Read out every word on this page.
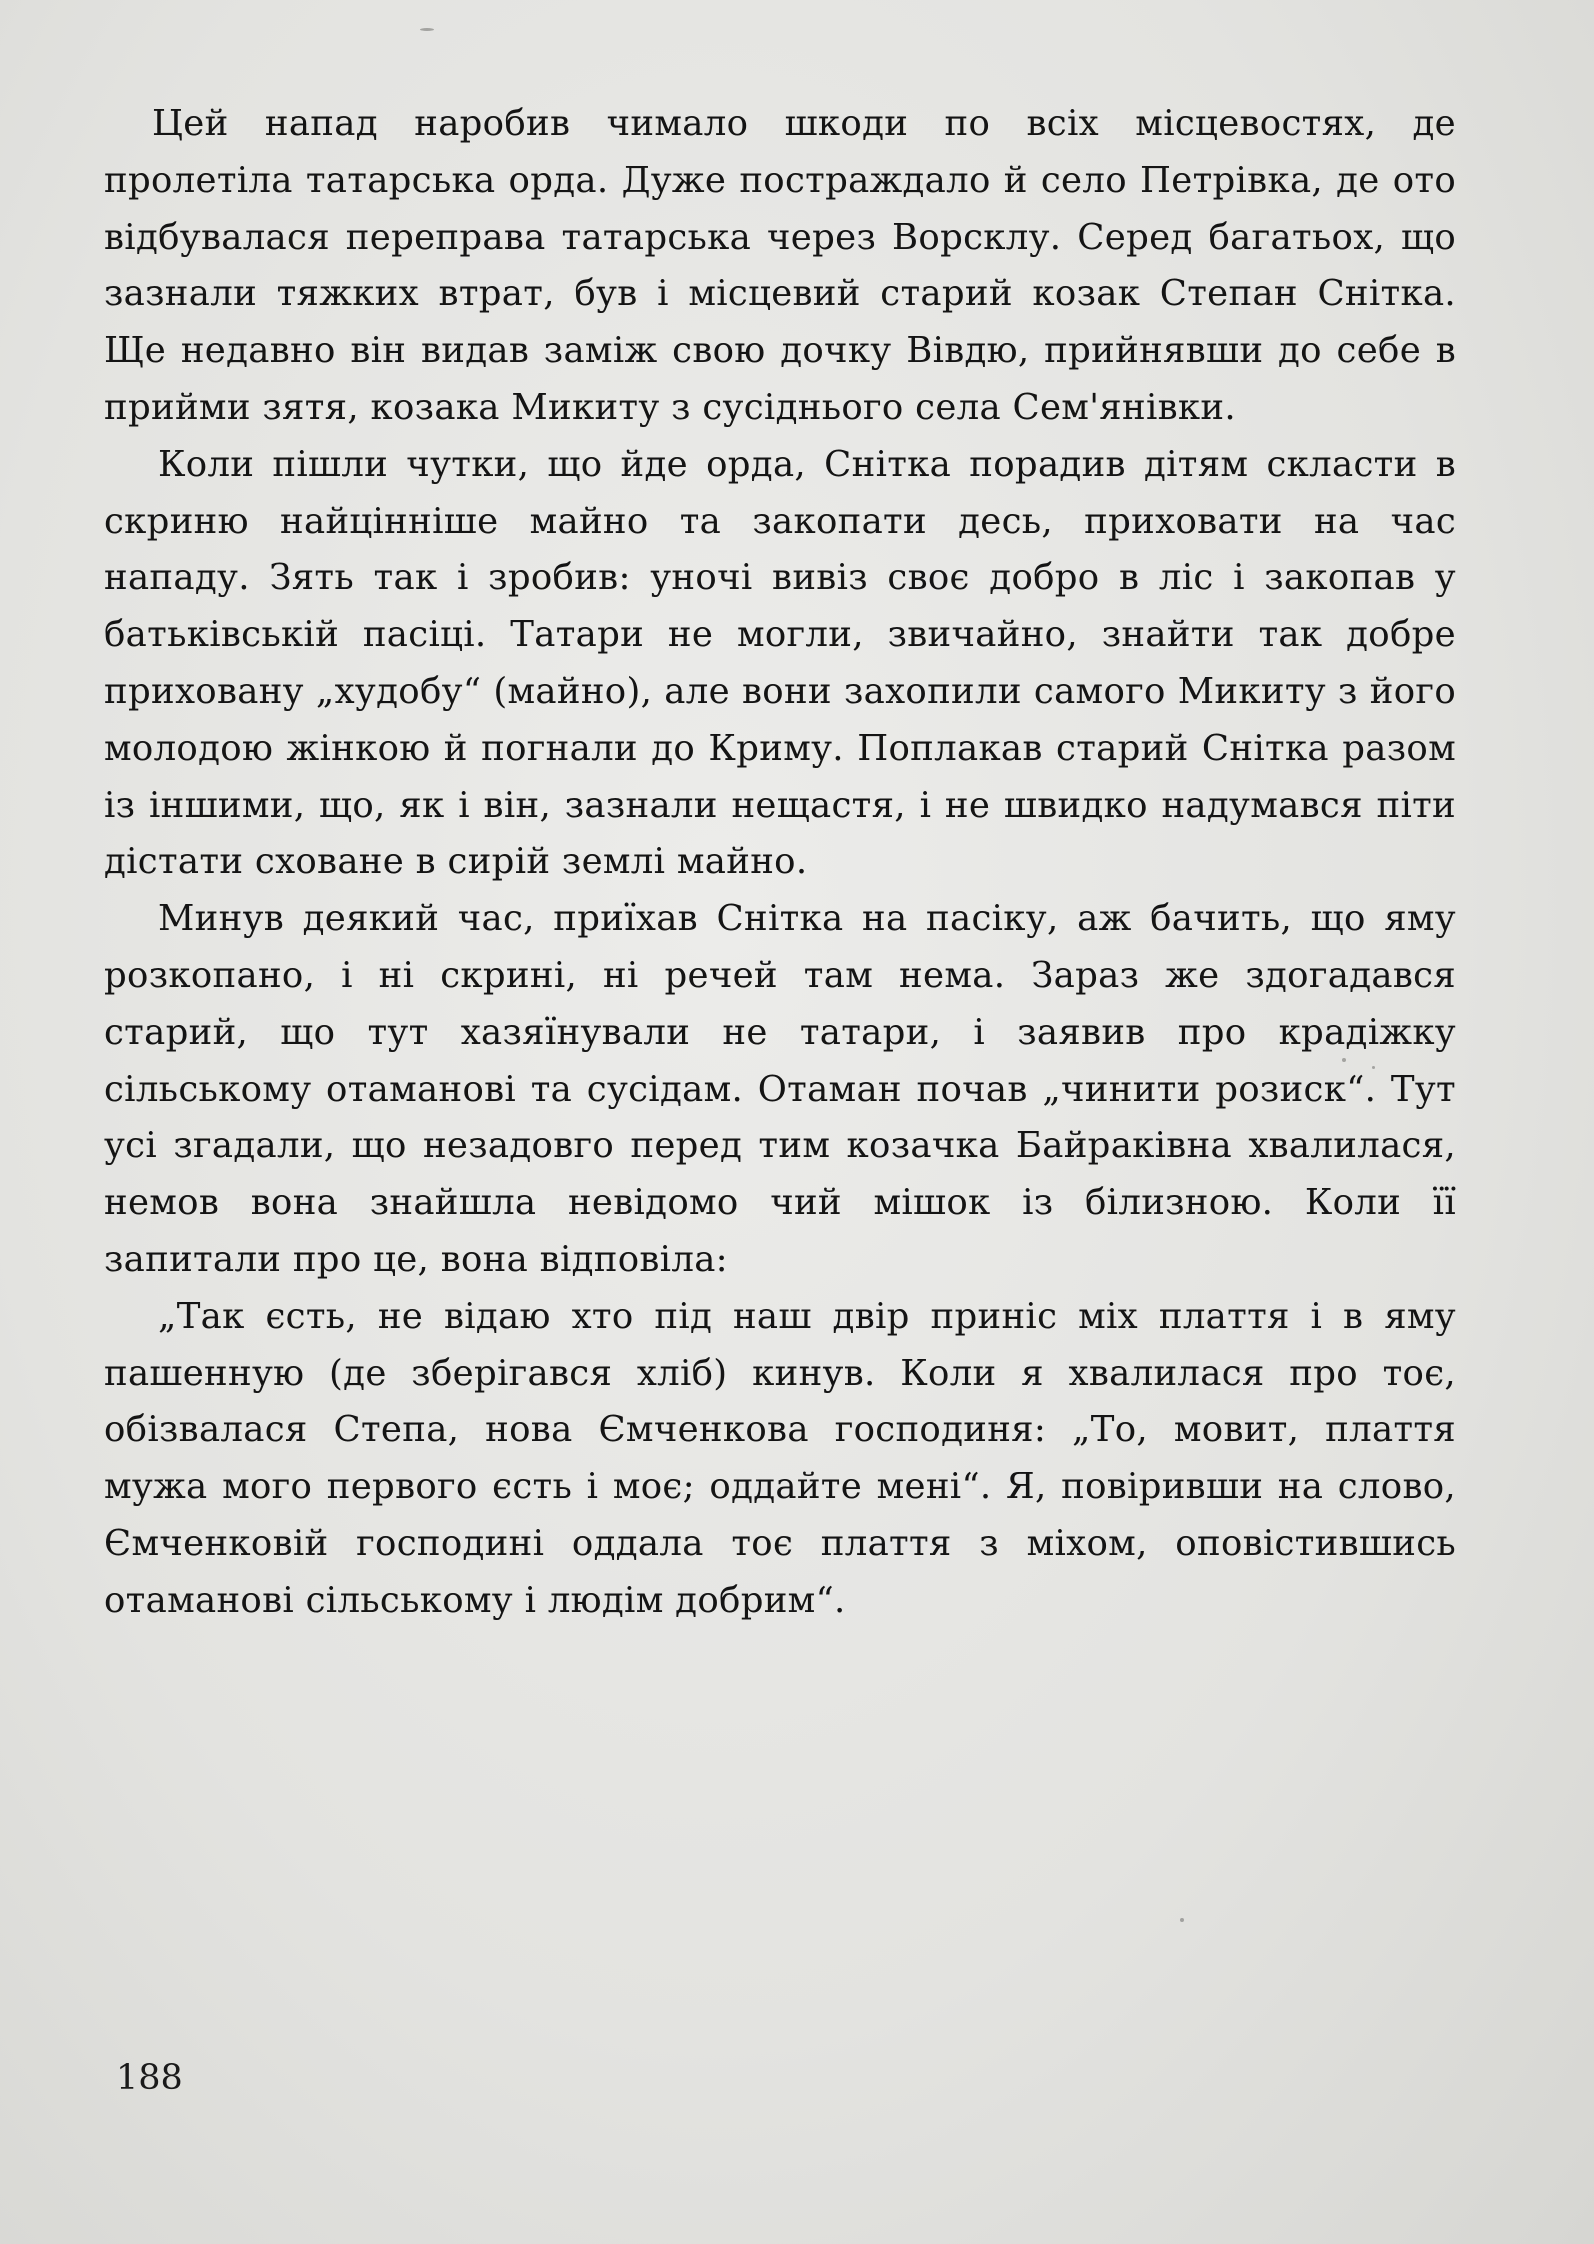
Цей напад наробив чимало шкоди по всіх місцевостях, де пролетіла татарська орда. Дуже постраждало й село Петрівка, де ото відбувалася переправа татарська через Ворсклу. Серед багатьох, що зазнали тяжких втрат, був і місцевий старий козак Степан Снітка. Ще недавно він видав заміж свою дочку Вівдю, прийнявши до себе в прийми зятя, козака Микиту з сусіднього села Сем'янівки.

Коли пішли чутки, що йде орда, Снітка порадив дітям скласти в скриню найцінніше майно та закопати десь, приховати на час нападу. Зять так і зробив: уночі вивіз своє добро в ліс і закопав у батьківській пасіці. Татари не могли, звичайно, знайти так добре приховану „худобу“ (майно), але вони захопили самого Микиту з його молодою жінкою й погнали до Криму. Поплакав старий Снітка разом із іншими, що, як і він, зазнали нещастя, і не швидко надумався піти дістати сховане в сирій землі майно.

Минув деякий час, приїхав Снітка на пасіку, аж бачить, що яму розкопано, і ні скрині, ні речей там нема. Зараз же здогадався старий, що тут хазяїнували не татари, і заявив про крадіжку сільському отаманові та сусідам. Отаман почав „чинити розиск“. Тут усі згадали, що незадовго перед тим козачка Байраківна хвалилася, немов вона знайшла невідомо чий мішок із білизною. Коли її запитали про це, вона відповіла:

„Так єсть, не відаю хто під наш двір приніс міх плаття і в яму пашенную (де зберігався хліб) кинув. Коли я хвалилася про тоє, обізвалася Степа, нова Ємченкова господиня: „То, мовит, плаття мужа мого первого єсть і моє; оддайте мені“. Я, повіривши на слово, Ємченковій господині оддала тоє плаття з міхом, оповістившись отаманові сільському і людім добрим“.

188
